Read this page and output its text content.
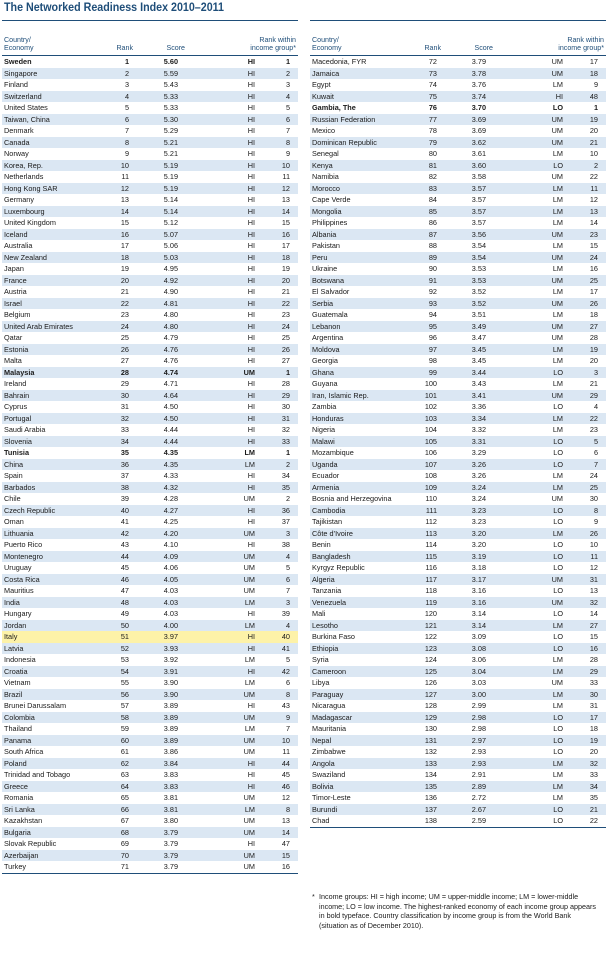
The Networked Readiness Index 2010–2011
Country/
Economy	Rank	Score
Rank within
income group*
Sweden	1	5.60	HI	1
Singapore	2	5.59	HI	2
Finland	3	5.43	HI	3
Switzerland	4	5.33	HI	4
United States	5	5.33	HI	5
Taiwan, China	6	5.30	HI	6
Denmark	7	5.29	HI	7
Canada	8	5.21	HI	8
Norway	9	5.21	HI	9
Korea, Rep.	10	5.19	HI	10
Netherlands	11	5.19	HI	11
Hong Kong SAR	12	5.19	HI	12
Germany	13	5.14	HI	13
Luxembourg	14	5.14	HI	14
United Kingdom	15	5.12	HI	15
Iceland	16	5.07	HI	16
Australia	17	5.06	HI	17
New Zealand	18	5.03	HI	18
Japan	19	4.95	HI	19
France	20	4.92	HI	20
Austria	21	4.90	HI	21
Israel	22	4.81	HI	22
Belgium	23	4.80	HI	23
United Arab Emirates	24	4.80	HI	24
Qatar	25	4.79	HI	25
Estonia	26	4.76	HI	26
Malta	27	4.76	HI	27
Malaysia	28	4.74	UM	1
Ireland	29	4.71	HI	28
Bahrain	30	4.64	HI	29
Cyprus	31	4.50	HI	30
Portugal	32	4.50	HI	31
Saudi Arabia	33	4.44	HI	32
Slovenia	34	4.44	HI	33
Tunisia	35	4.35	LM	1
China	36	4.35	LM	2
Spain	37	4.33	HI	34
Barbados	38	4.32	HI	35
Chile	39	4.28	UM	2
Czech Republic	40	4.27	HI	36
Oman	41	4.25	HI	37
Lithuania	42	4.20	UM	3
Puerto Rico	43	4.10	HI	38
Montenegro	44	4.09	UM	4
Uruguay	45	4.06	UM	5
Costa Rica	46	4.05	UM	6
Mauritius	47	4.03	UM	7
India	48	4.03	LM	3
Hungary	49	4.03	HI	39
Jordan	50	4.00	LM	4
Italy	51	3.97	HI	40
Latvia	52	3.93	HI	41
Indonesia	53	3.92	LM	5
Croatia	54	3.91	HI	42
Vietnam	55	3.90	LM	6
Brazil	56	3.90	UM	8
Brunei Darussalam	57	3.89	HI	43
Colombia	58	3.89	UM	9
Thailand	59	3.89	LM	7
Panama	60	3.89	UM	10
South Africa	61	3.86	UM	11
Poland	62	3.84	HI	44
Trinidad and Tobago	63	3.83	HI	45
Greece	64	3.83	HI	46
Romania	65	3.81	UM	12
Sri Lanka	66	3.81	LM	8
Kazakhstan	67	3.80	UM	13
Bulgaria	68	3.79	UM	14
Slovak Republic	69	3.79	HI	47
Azerbaijan	70	3.79	UM	15
Turkey	71	3.79	UM	16
Country/
Economy	Rank	Score
Rank within
income group*
Macedonia, FYR	72	3.79	UM	17
Jamaica	73	3.78	UM	18
Egypt	74	3.76	LM	9
Kuwait	75	3.74	HI	48
Gambia, The	76	3.70	LO	1
Russian Federation	77	3.69	UM	19
Mexico	78	3.69	UM	20
Dominican Republic	79	3.62	UM	21
Senegal	80	3.61	LM	10
Kenya	81	3.60	LO	2
Namibia	82	3.58	UM	22
Morocco	83	3.57	LM	11
Cape Verde	84	3.57	LM	12
Mongolia	85	3.57	LM	13
Philippines	86	3.57	LM	14
Albania	87	3.56	UM	23
Pakistan	88	3.54	LM	15
Peru	89	3.54	UM	24
Ukraine	90	3.53	LM	16
Botswana	91	3.53	UM	25
El Salvador	92	3.52	LM	17
Serbia	93	3.52	UM	26
Guatemala	94	3.51	LM	18
Lebanon	95	3.49	UM	27
Argentina	96	3.47	UM	28
Moldova	97	3.45	LM	19
Georgia	98	3.45	LM	20
Ghana	99	3.44	LO	3
Guyana	100	3.43	LM	21
Iran, Islamic Rep.	101	3.41	UM	29
Zambia	102	3.36	LO	4
Honduras	103	3.34	LM	22
Nigeria	104	3.32	LM	23
Malawi	105	3.31	LO	5
Mozambique	106	3.29	LO	6
Uganda	107	3.26	LO	7
Ecuador	108	3.26	LM	24
Armenia	109	3.24	LM	25
Bosnia and Herzegovina	110	3.24	UM	30
Cambodia	111	3.23	LO	8
Tajikistan	112	3.23	LO	9
Côte d’Ivoire	113	3.20	LM	26
Benin	114	3.20	LO	10
Bangladesh	115	3.19	LO	11
Kyrgyz Republic	116	3.18	LO	12
Algeria	117	3.17	UM	31
Tanzania	118	3.16	LO	13
Venezuela	119	3.16	UM	32
Mali	120	3.14	LO	14
Lesotho	121	3.14	LM	27
Burkina Faso	122	3.09	LO	15
Ethiopia	123	3.08	LO	16
Syria	124	3.06	LM	28
Cameroon	125	3.04	LM	29
Libya	126	3.03	UM	33
Paraguay	127	3.00	LM	30
Nicaragua	128	2.99	LM	31
Madagascar	129	2.98	LO	17
Mauritania	130	2.98	LO	18
Nepal	131	2.97	LO	19
Zimbabwe	132	2.93	LO	20
Angola	133	2.93	LM	32
Swaziland	134	2.91	LM	33
Bolivia	135	2.89	LM	34
Timor-Leste	136	2.72	LM	35
Burundi	137	2.67	LO	21
Chad	138	2.59	LO	22
* Income groups: HI = high income; UM = upper-middle income; LM = lower-middle income; LO = low income. The highest-ranked economy of each income group appears in bold typeface. Country classification by income group is from the World Bank (situation as of December 2010).
